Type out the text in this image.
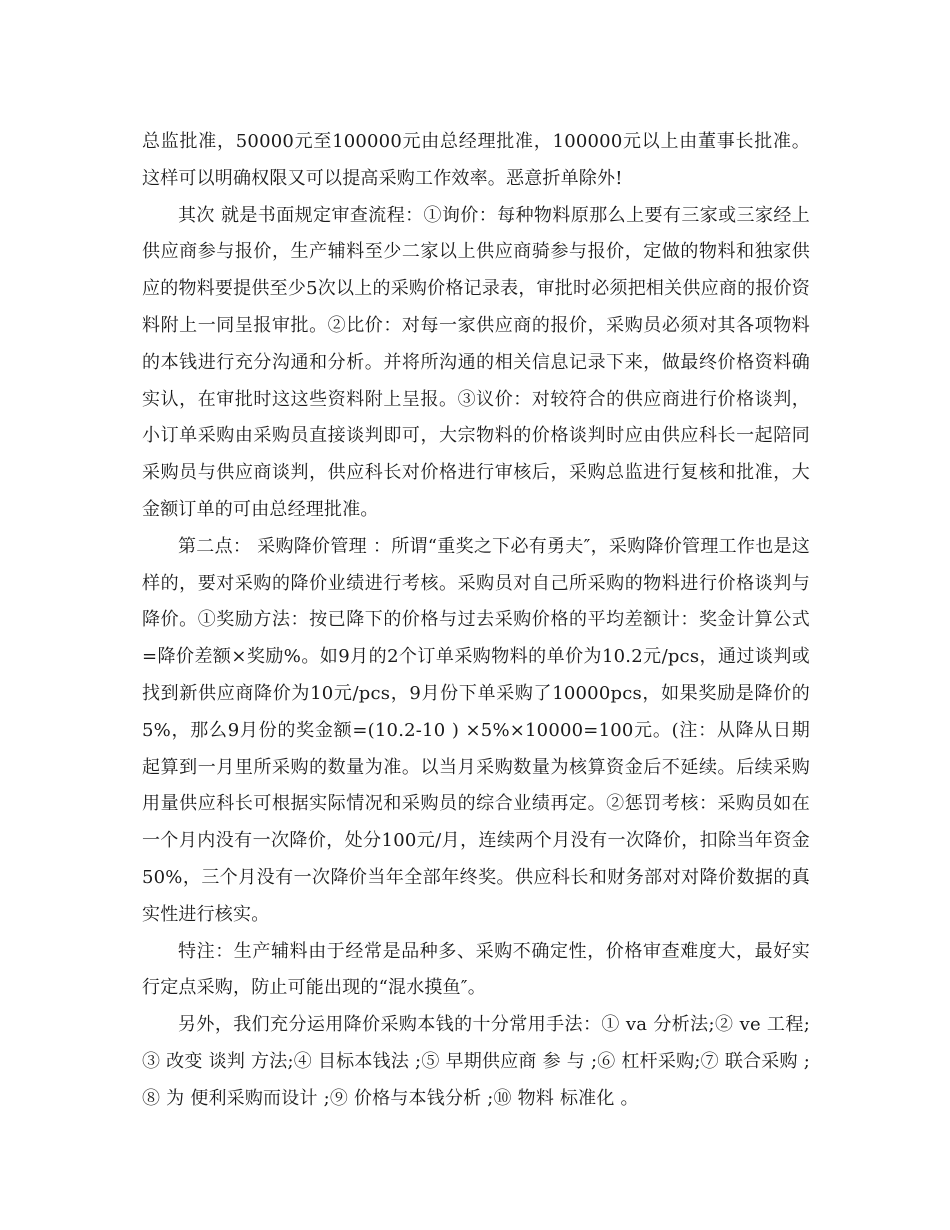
总监批准，50000元至100000元由总经理批准，100000元以上由董事长批准。这样可以明确权限又可以提高采购工作效率。恶意折单除外!

其次 就是书面规定审查流程：①询价：每种物料原那么上要有三家或三家经上供应商参与报价，生产辅料至少二家以上供应商骑参与报价，定做的物料和独家供应的物料要提供至少5次以上的采购价格记录表，审批时必须把相关供应商的报价资料附上一同呈报审批。②比价：对每一家供应商的报价，采购员必须对其各项物料的本钱进行充分沟通和分析。并将所沟通的相关信息记录下来，做最终价格资料确实认，在审批时这这些资料附上呈报。③议价：对较符合的供应商进行价格谈判，小订单采购由采购员直接谈判即可，大宗物料的价格谈判时应由供应科长一起陪同采购员与供应商谈判，供应科长对价格进行审核后，采购总监进行复核和批准，大金额订单的可由总经理批准。

第二点： 采购降价管理 ：所谓“重奖之下必有勇夫″，采购降价管理工作也是这样的，要对采购的降价业绩进行考核。采购员对自己所采购的物料进行价格谈判与降价。①奖励方法：按已降下的价格与过去采购价格的平均差额计：奖金计算公式=降价差额×奖励%。如9月的2个订单采购物料的单价为10.2元/pcs，通过谈判或找到新供应商降价为10元/pcs，9月份下单采购了10000pcs，如果奖励是降价的5%，那么9月份的奖金额=(10.2-10 ) ×5%×10000=100元。(注：从降从日期起算到一月里所采购的数量为准。以当月采购数量为核算资金后不延续。后续采购用量供应科长可根据实际情况和采购员的综合业绩再定。②惩罚考核：采购员如在一个月内没有一次降价，处分100元/月，连续两个月没有一次降价，扣除当年资金50%，三个月没有一次降价当年全部年终奖。供应科长和财务部对对降价数据的真实性进行核实。

特注：生产辅料由于经常是品种多、采购不确定性，价格审查难度大，最好实行定点采购，防止可能出现的“混水摸鱼″。

另外，我们充分运用降价采购本钱的十分常用手法：① va 分析法;② ve 工程;③ 改变 谈判 方法;④ 目标本钱法 ;⑤ 早期供应商 参 与 ;⑥ 杠杆采购;⑦ 联合采购 ; ⑧ 为 便利采购而设计 ;⑨ 价格与本钱分析 ;⑩ 物料 标准化 。
